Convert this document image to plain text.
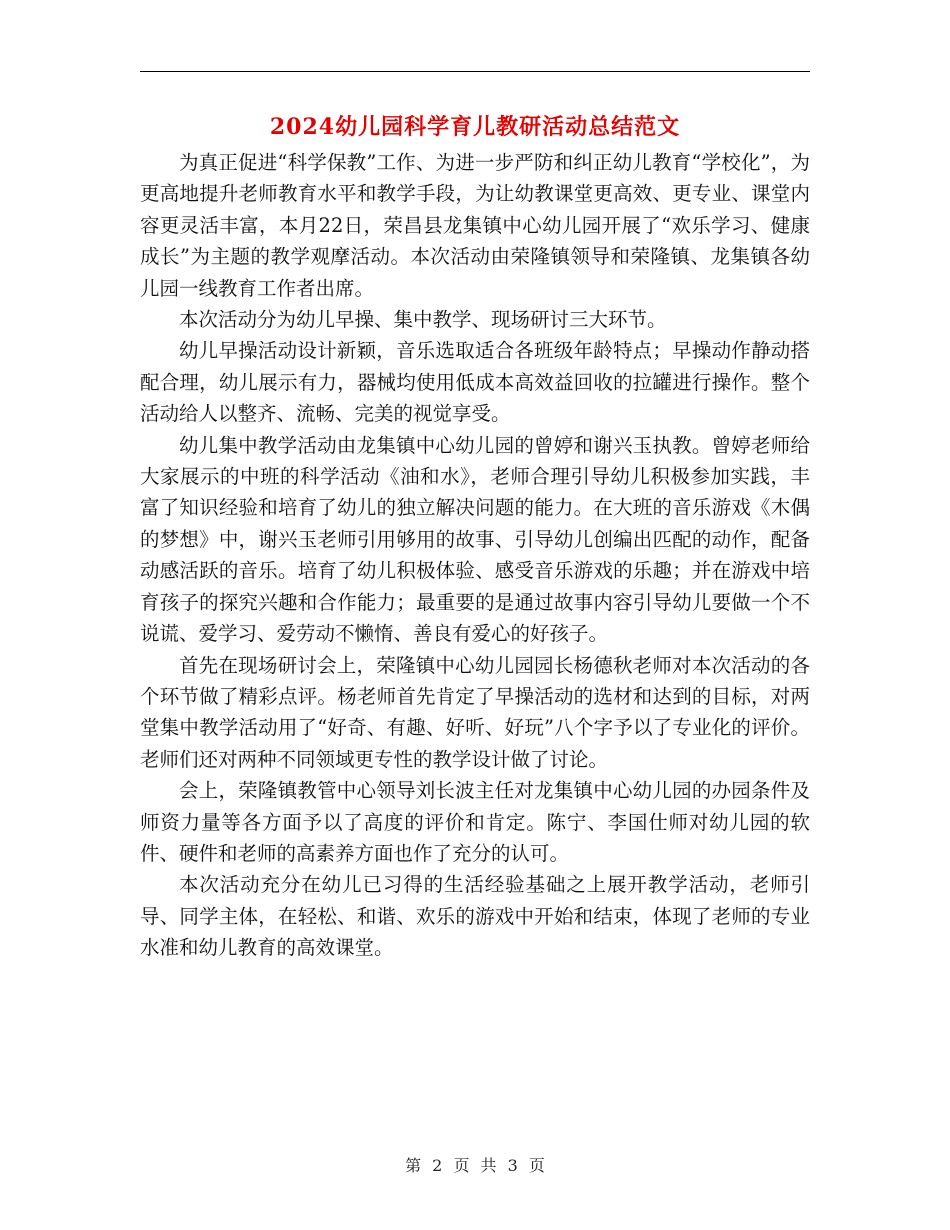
2024幼儿园科学育儿教研活动总结范文

为真正促进“科学保教”工作、为进一步严防和纠正幼儿教育“学校化”，为更高地提升老师教育水平和教学手段，为让幼教课堂更高效、更专业、课堂内容更灵活丰富，本月22日，荣昌县龙集镇中心幼儿园开展了“欢乐学习、健康成长”为主题的教学观摩活动。本次活动由荣隆镇领导和荣隆镇、龙集镇各幼儿园一线教育工作者出席。

本次活动分为幼儿早操、集中教学、现场研讨三大环节。

幼儿早操活动设计新颖，音乐选取适合各班级年龄特点；早操动作静动搭配合理，幼儿展示有力，器械均使用低成本高效益回收的拉罐进行操作。整个活动给人以整齐、流畅、完美的视觉享受。

幼儿集中教学活动由龙集镇中心幼儿园的曾婷和谢兴玉执教。曾婷老师给大家展示的中班的科学活动《油和水》，老师合理引导幼儿积极参加实践，丰富了知识经验和培育了幼儿的独立解决问题的能力。在大班的音乐游戏《木偶的梦想》中，谢兴玉老师引用够用的故事、引导幼儿创编出匹配的动作，配备动感活跃的音乐。培育了幼儿积极体验、感受音乐游戏的乐趣；并在游戏中培育孩子的探究兴趣和合作能力；最重要的是通过故事内容引导幼儿要做一个不说谎、爱学习、爱劳动不懒惰、善良有爱心的好孩子。

首先在现场研讨会上，荣隆镇中心幼儿园园长杨德秋老师对本次活动的各个环节做了精彩点评。杨老师首先肯定了早操活动的选材和达到的目标，对两堂集中教学活动用了“好奇、有趣、好听、好玩”八个字予以了专业化的评价。老师们还对两种不同领域更专性的教学设计做了讨论。

会上，荣隆镇教管中心领导刘长波主任对龙集镇中心幼儿园的办园条件及师资力量等各方面予以了高度的评价和肯定。陈宁、李国仕师对幼儿园的软件、硬件和老师的高素养方面也作了充分的认可。

本次活动充分在幼儿已习得的生活经验基础之上展开教学活动，老师引导、同学主体，在轻松、和谐、欢乐的游戏中开始和结束，体现了老师的专业水准和幼儿教育的高效课堂。

第 2 页 共 3 页
